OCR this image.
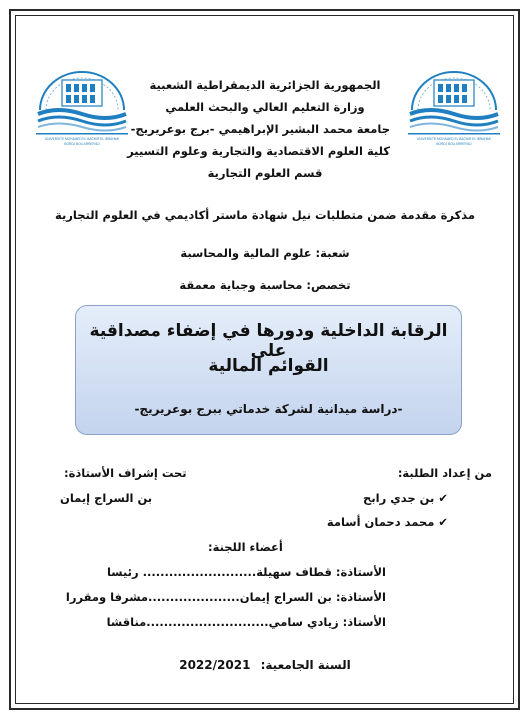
UNIVERSITE MOHAMED EL BACHIR EL IBRAHIMI
BORDJ BOU ARRERIDJ
UNIVERSITE MOHAMED EL BACHIR EL IBRAHIMI
BORDJ BOU ARRERIDJ
الجمهورية الجزائرية الديمقراطية الشعبية
وزارة التعليم العالي والبحث العلمي
جامعة محمد البشير الإبراهيمي -برج بوعريريج-
كلية العلوم الاقتصادية والتجارية وعلوم التسيير
قسم العلوم التجارية
مذكرة مقدمة ضمن متطلبات نيل شهادة ماستر أكاديمي في العلوم التجارية
شعبة: علوم المالية والمحاسبة
تخصص: محاسبة وجباية معمقة
الرقابة الداخلية ودورها في إضفاء مصداقية على
القوائم المالية
-دراسة ميدانية لشركة خدماتي ببرج بوعريريج-
من إعداد الطلبة:
✔ بن جدي رابح
✔ محمد دحمان أسامة
تحت إشراف الأستاذة:
بن السراج إيمان
أعضاء اللجنة:
الأستاذة: قطاف سهيلة.......................... رئيسا
الأستاذة: بن السراج إيمان.....................مشرفا ومقررا
الأستاذ: زيادي سامي............................مناقشا
السنة الجامعية: 2022/2021
